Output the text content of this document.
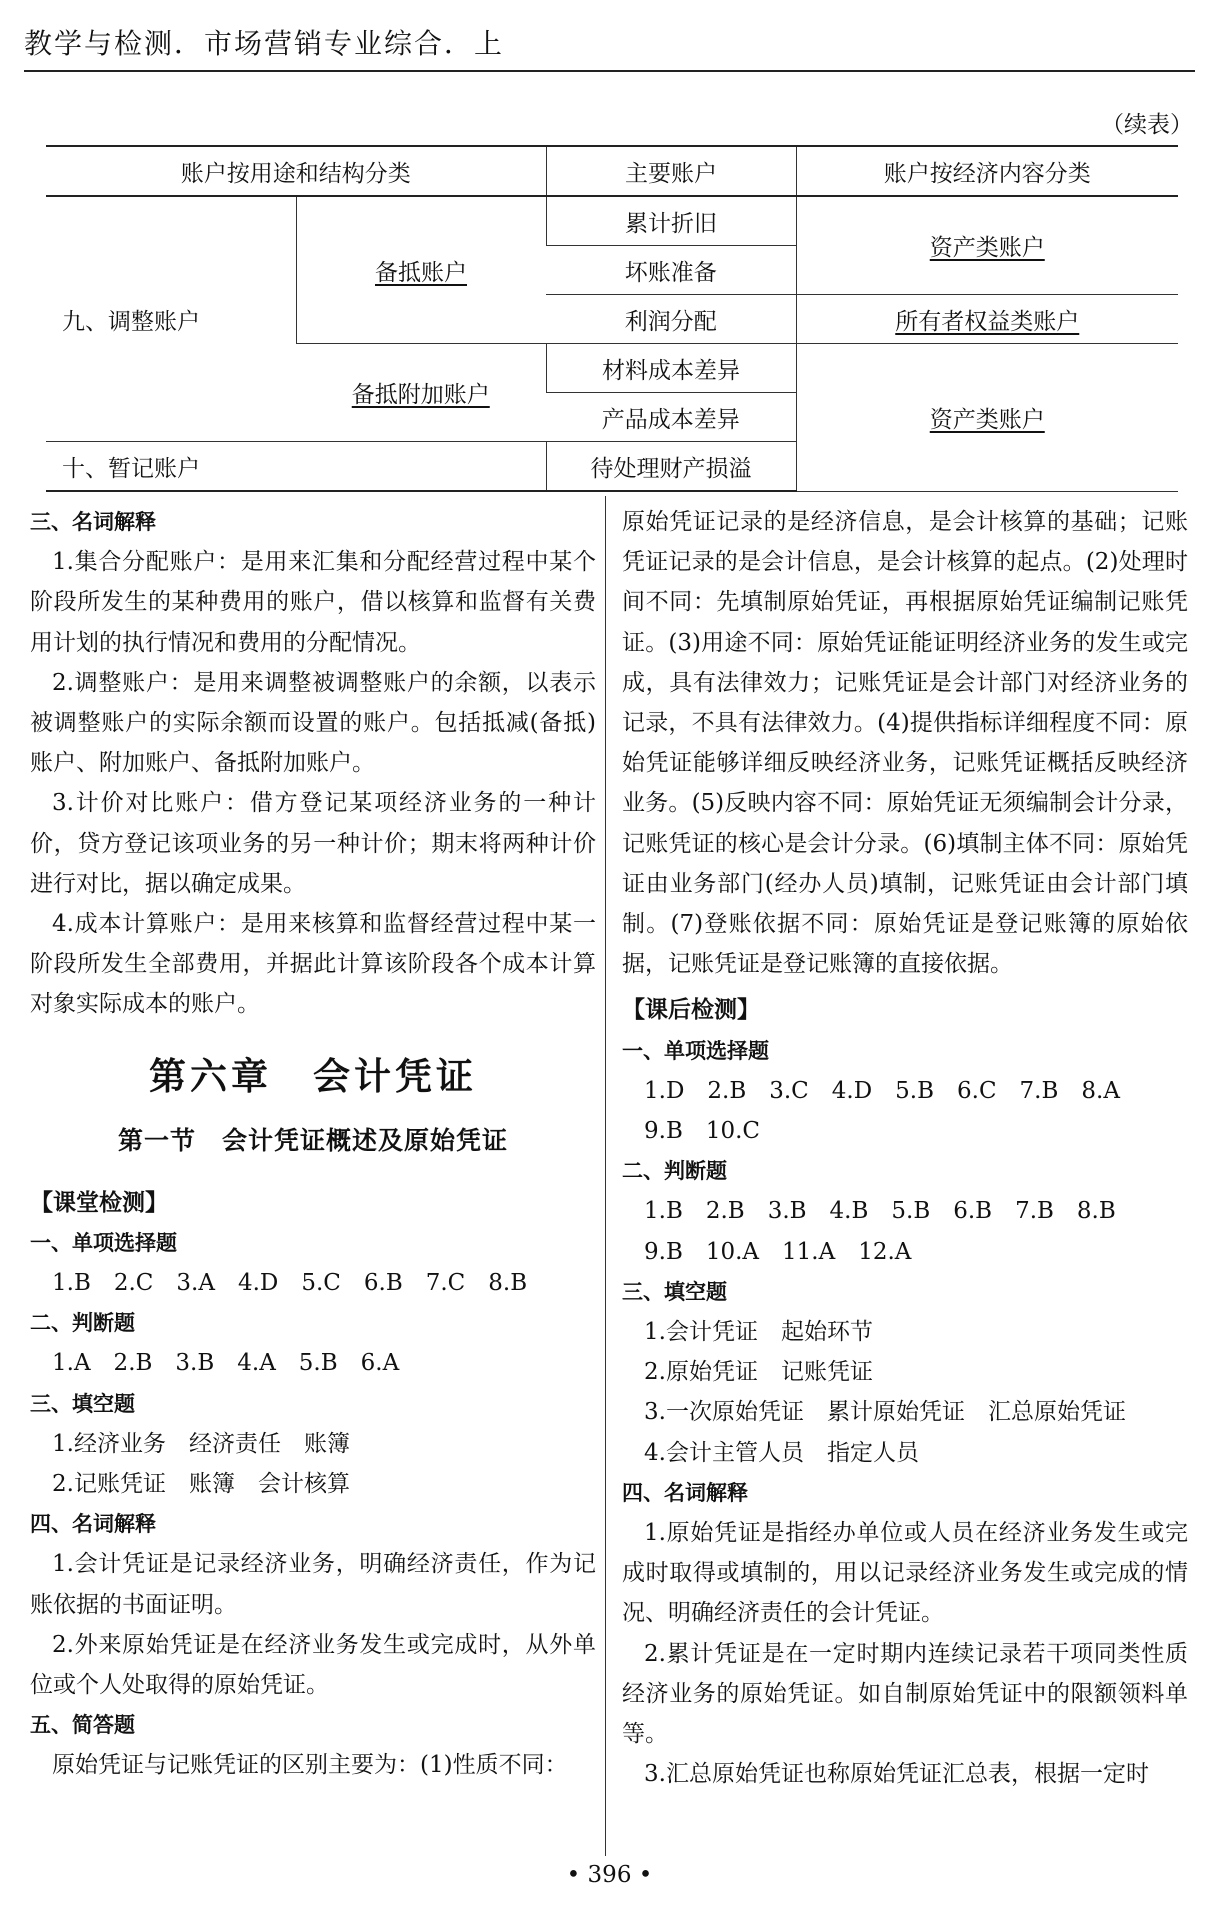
教学与检测．市场营销专业综合．上
（续表）
账户按用途和结构分类		主要账户	账户按经济内容分类
九、调整账户	备抵账户	累计折旧	资产类账户
		坏账准备	
		利润分配	所有者权益类账户
	备抵附加账户	材料成本差异	资产类账户
		产品成本差异	
十、暂记账户		待处理财产损溢	

三、名词解释

1.集合分配账户：是用来汇集和分配经营过程中某个阶段所发生的某种费用的账户，借以核算和监督有关费用计划的执行情况和费用的分配情况。

2.调整账户：是用来调整被调整账户的余额，以表示被调整账户的实际余额而设置的账户。包括抵减(备抵)账户、附加账户、备抵附加账户。

3.计价对比账户：借方登记某项经济业务的一种计价，贷方登记该项业务的另一种计价；期末将两种计价进行对比，据以确定成果。

4.成本计算账户：是用来核算和监督经营过程中某一阶段所发生全部费用，并据此计算该阶段各个成本计算对象实际成本的账户。

第六章　会计凭证
第一节　会计凭证概述及原始凭证

【课堂检测】

一、单项选择题

1.B　2.C　3.A　4.D　5.C　6.B　7.C　8.B

二、判断题

1.A　2.B　3.B　4.A　5.B　6.A

三、填空题

1.经济业务　经济责任　账簿

2.记账凭证　账簿　会计核算

四、名词解释

1.会计凭证是记录经济业务，明确经济责任，作为记账依据的书面证明。

2.外来原始凭证是在经济业务发生或完成时，从外单位或个人处取得的原始凭证。

五、简答题

原始凭证与记账凭证的区别主要为：(1)性质不同：

原始凭证记录的是经济信息，是会计核算的基础；记账凭证记录的是会计信息，是会计核算的起点。(2)处理时间不同：先填制原始凭证，再根据原始凭证编制记账凭证。(3)用途不同：原始凭证能证明经济业务的发生或完成，具有法律效力；记账凭证是会计部门对经济业务的记录，不具有法律效力。(4)提供指标详细程度不同：原始凭证能够详细反映经济业务，记账凭证概括反映经济业务。(5)反映内容不同：原始凭证无须编制会计分录，记账凭证的核心是会计分录。(6)填制主体不同：原始凭证由业务部门(经办人员)填制，记账凭证由会计部门填制。(7)登账依据不同：原始凭证是登记账簿的原始依据，记账凭证是登记账簿的直接依据。

【课后检测】

一、单项选择题

1.D　2.B　3.C　4.D　5.B　6.C　7.B　8.A

9.B　10.C

二、判断题

1.B　2.B　3.B　4.B　5.B　6.B　7.B　8.B

9.B　10.A　11.A　12.A

三、填空题

1.会计凭证　起始环节

2.原始凭证　记账凭证

3.一次原始凭证　累计原始凭证　汇总原始凭证

4.会计主管人员　指定人员

四、名词解释

1.原始凭证是指经办单位或人员在经济业务发生或完成时取得或填制的，用以记录经济业务发生或完成的情况、明确经济责任的会计凭证。

2.累计凭证是在一定时期内连续记录若干项同类性质经济业务的原始凭证。如自制原始凭证中的限额领料单等。

3.汇总原始凭证也称原始凭证汇总表，根据一定时

• 396 •
